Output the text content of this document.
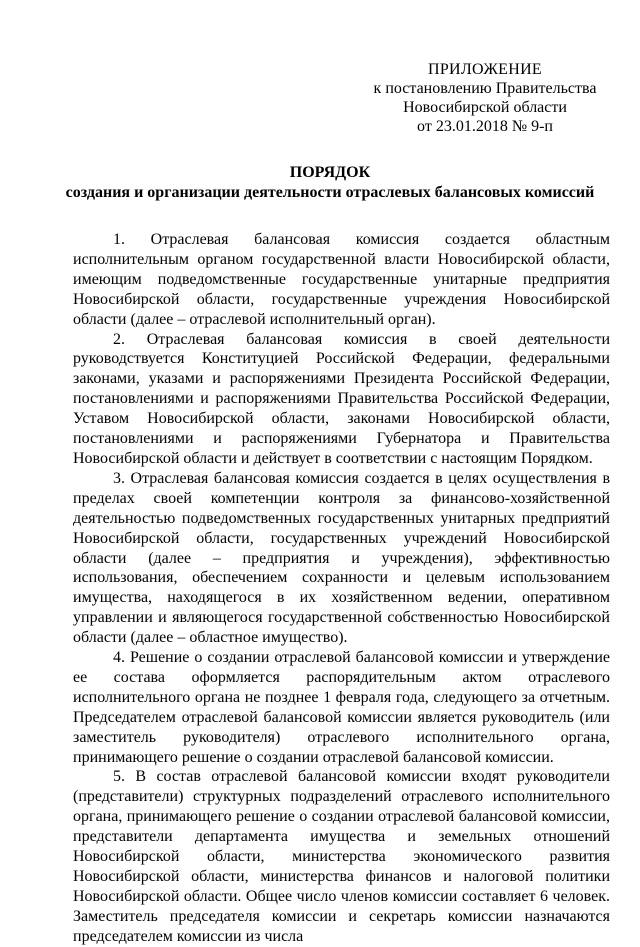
ПРИЛОЖЕНИЕ
к постановлению Правительства
Новосибирской области
от 23.01.2018 № 9-п
ПОРЯДОК
создания и организации деятельности отраслевых балансовых комиссий

1. Отраслевая балансовая комиссия создается областным исполнительным органом государственной власти Новосибирской области, имеющим подведомственные государственные унитарные предприятия Новосибирской области, государственные учреждения Новосибирской области (далее – отраслевой исполнительный орган).

2. Отраслевая балансовая комиссия в своей деятельности руководствуется Конституцией Российской Федерации, федеральными законами, указами и распоряжениями Президента Российской Федерации, постановлениями и распоряжениями Правительства Российской Федерации, Уставом Новосибирской области, законами Новосибирской области, постановлениями и распоряжениями Губернатора и Правительства Новосибирской области и действует в соответствии с настоящим Порядком.

3. Отраслевая балансовая комиссия создается в целях осуществления в пределах своей компетенции контроля за финансово-хозяйственной деятельностью подведомственных государственных унитарных предприятий Новосибирской области, государственных учреждений Новосибирской области (далее – предприятия и учреждения), эффективностью использования, обеспечением сохранности и целевым использованием имущества, находящегося в их хозяйственном ведении, оперативном управлении и являющегося государственной собственностью Новосибирской области (далее – областное имущество).

4. Решение о создании отраслевой балансовой комиссии и утверждение ее состава оформляется распорядительным актом отраслевого исполнительного органа не позднее 1 февраля года, следующего за отчетным. Председателем отраслевой балансовой комиссии является руководитель (или заместитель руководителя) отраслевого исполнительного органа, принимающего решение о создании отраслевой балансовой комиссии.

5. В состав отраслевой балансовой комиссии входят руководители (представители) структурных подразделений отраслевого исполнительного органа, принимающего решение о создании отраслевой балансовой комиссии, представители департамента имущества и земельных отношений Новосибирской области, министерства экономического развития Новосибирской области, министерства финансов и налоговой политики Новосибирской области. Общее число членов комиссии составляет 6 человек. Заместитель председателя комиссии и секретарь комиссии назначаются председателем комиссии из числа
